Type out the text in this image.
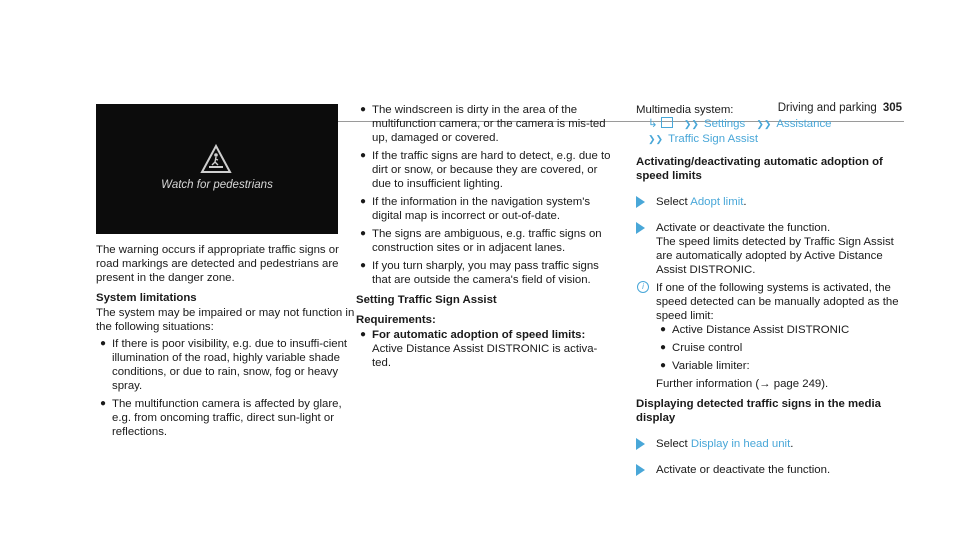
Driving and parking 305
Watch for pedestrians

The warning occurs if appropriate traffic signs or road markings are detected and pedestrians are present in the danger zone.

System limitations

The system may be impaired or may not function in the following situations:

● If there is poor visibility, e.g. due to insuffi-cient illumination of the road, highly variable shade conditions, or due to rain, snow, fog or heavy spray.
● The multifunction camera is affected by glare, e.g. from oncoming traffic, direct sun-light or reflections.
● The windscreen is dirty in the area of the multifunction camera, or the camera is mis-ted up, damaged or covered.
● If the traffic signs are hard to detect, e.g. due to dirt or snow, or because they are covered, or due to insufficient lighting.
● If the information in the navigation system's digital map is incorrect or out-of-date.
● The signs are ambiguous, e.g. traffic signs on construction sites or in adjacent lanes.
● If you turn sharply, you may pass traffic signs that are outside the camera's field of vision.
Setting Traffic Sign Assist
Requirements:
● For automatic adoption of speed limits:
Active Distance Assist DISTRONIC is activa-ted.
Multimedia system:
↳	❯❯ Settings ❯❯ Assistance
❯❯ Traffic Sign Assist
Activating/deactivating automatic adoption of speed limits
Select Adopt limit.
Activate or deactivate the function.
The speed limits detected by Traffic Sign Assist are automatically adopted by Active Distance Assist DISTRONIC.
i	If one of the following systems is activated, the speed detected can be manually adopted as the speed limit:
● Active Distance Assist DISTRONIC
● Cruise control
● Variable limiter:
Further information (→ page 249).
Displaying detected traffic signs in the media display
Select Display in head unit.
Activate or deactivate the function.
